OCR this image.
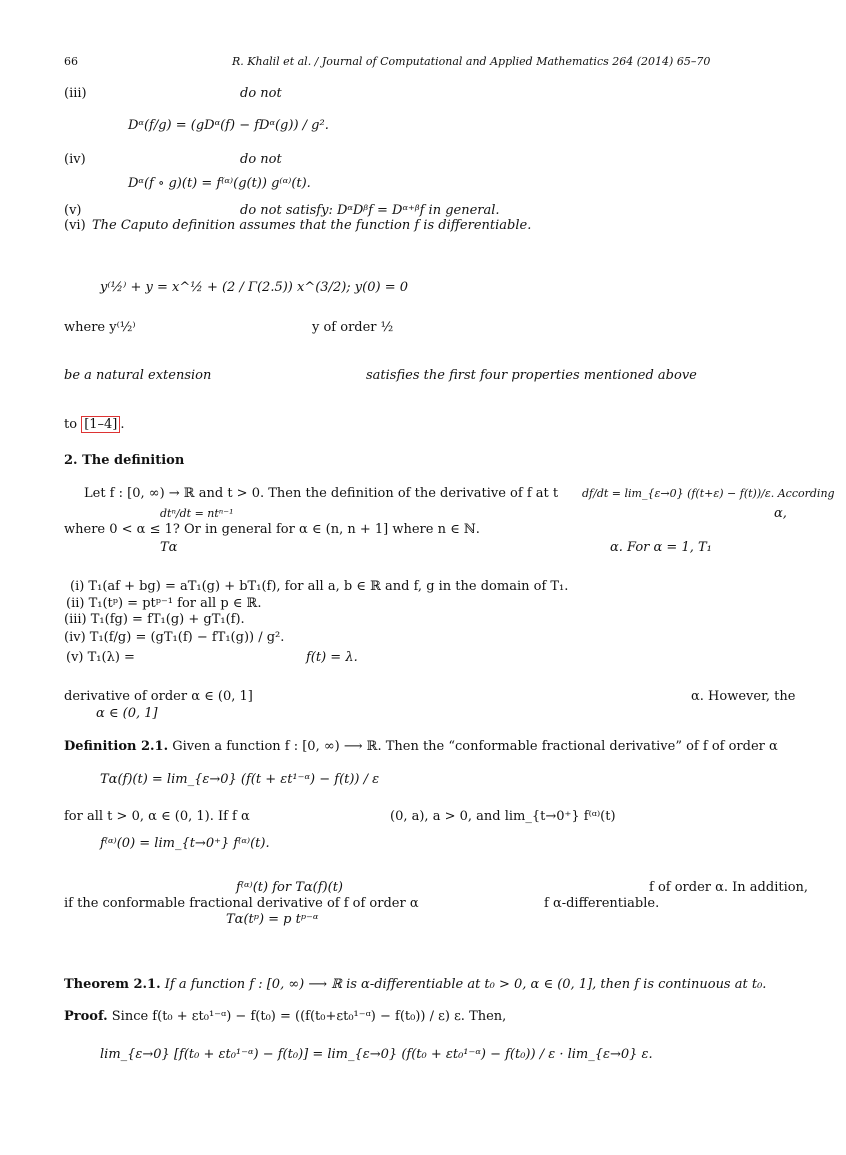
66	R. Khalil et al. / Journal of Computational and Applied Mathematics 264 (2014) 65–70
(iii)	do not
Dᵅ(f/g) = (gDᵅ(f) − fDᵅ(g)) / g².
(iv)	do not
Dᵅ(f ∘ g)(t) = f⁽ᵅ⁾(g(t)) g⁽ᵅ⁾(t).
(v)	do not satisfy: DᵅDᵝf = Dᵅ⁺ᵝf in general.
(vi) The Caputo definition assumes that the function f is differentiable.
y⁽½⁾ + y = x^½ + (2 / Γ(2.5)) x^(3/2); y(0) = 0
where y⁽½⁾	y of order ½
be a natural extension	satisfies the first four properties mentioned above
to [1–4] .
2. The definition
Let f : [0, ∞) → ℝ and t > 0. Then the definition of the derivative of f at t df/dt = lim_{ε→0} (f(t+ε) − f(t))/ε. According
dtⁿ/dt = ntⁿ⁻¹	α,
where 0 < α ≤ 1? Or in general for α ∈ (n, n + 1] where n ∈ ℕ.
Tα	α. For α = 1, T₁
(i) T₁(af + bg) = aT₁(g) + bT₁(f), for all a, b ∈ ℝ and f, g in the domain of T₁.
(ii) T₁(tᵖ) = ptᵖ⁻¹ for all p ∈ ℝ.
(iii) T₁(fg) = fT₁(g) + gT₁(f).
(iv) T₁(f/g) = (gT₁(f) − fT₁(g)) / g².
(v) T₁(λ) =	f(t) = λ.
derivative of order α ∈ (0, 1]	α. However, the
α ∈ (0, 1]
Definition 2.1. Given a function f : [0, ∞) ⟶ ℝ. Then the “conformable fractional derivative” of f of order α
Tα(f)(t) = lim_{ε→0} (f(t + εt¹⁻ᵅ) − f(t)) / ε
for all t > 0, α ∈ (0, 1). If f α	(0, a), a > 0, and lim_{t→0⁺} f⁽ᵅ⁾(t)
f⁽ᵅ⁾(0) = lim_{t→0⁺} f⁽ᵅ⁾(t).
f⁽ᵅ⁾(t) for Tα(f)(t)	f of order α. In addition,
if the conformable fractional derivative of f of order α	f α-differentiable.
Tα(tᵖ) = p tᵖ⁻ᵅ
Theorem 2.1. If a function f : [0, ∞) ⟶ ℝ is α-differentiable at t₀ > 0, α ∈ (0, 1], then f is continuous at t₀.
Proof. Since f(t₀ + εt₀¹⁻ᵅ) − f(t₀) = ((f(t₀+εt₀¹⁻ᵅ) − f(t₀)) / ε) ε. Then,
lim_{ε→0} [f(t₀ + εt₀¹⁻ᵅ) − f(t₀)] = lim_{ε→0} (f(t₀ + εt₀¹⁻ᵅ) − f(t₀)) / ε · lim_{ε→0} ε.
